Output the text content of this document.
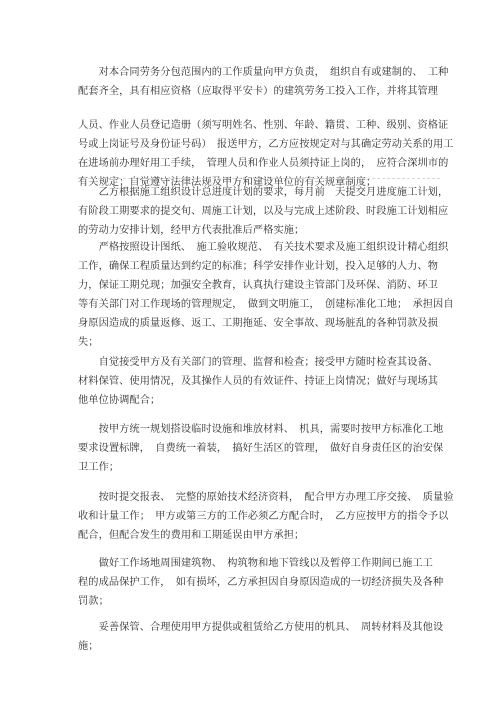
　　对本合同劳务分包范围内的工作质量向甲方负责，　组织自有或建制的、　工种
配套齐全，具有相应资格（应取得平安卡）的建筑劳务工投入工作，并将其管理
人员、作业人员登记造册（须写明姓名、性别、年龄、籍贯、工种、级别、资格证
号或上岗证号及身份证号码）　报送甲方，乙方应按规定对与其确定劳动关系的用工
在进场前办理好用工手续，　管理人员和作业人员须持证上岗的，　应符合深圳市的
有关规定；自觉遵守法律法规及甲方和建设单位的有关规章制度；
　　乙方根据施工组织设计总进度计划的要求，每月前　天提交月进度施工计划，
有阶段工期要求的提交旬、周施工计划，以及与完成上述阶段、时段施工计划相应
的劳动力安排计划，经甲方代表批准后严格实施；
　　严格按照设计图纸、　施工验收规范、　有关技术要求及施工组织设计精心组织
工作，确保工程质量达到约定的标准；科学安排作业计划，投入足够的人力、物
力，保证工期兑现；加强安全教育，认真执行建设主管部门及环保、消防、环卫
等有关部门对工作现场的管理规定，　做到文明施工，　创建标准化工地；　承担因自
身原因造成的质量返修、返工、工期拖延、安全事故、现场脏乱的各种罚款及损
失；
　　自觉接受甲方及有关部门的管理、监督和检查；接受甲方随时检查其设备、
材料保管、使用情况，及其操作人员的有效证件、持证上岗情况；做好与现场其
他单位协调配合；
　　按甲方统一规划搭设临时设施和堆放材料、　机具，需要时按甲方标准化工地
要求设置标牌，　自费统一着装，　搞好生活区的管理，　做好自身责任区的治安保
卫工作；
　　按时提交报表、　完整的原始技术经济资料，　配合甲方办理工序交接、　质量验
收和计量工作；　甲方或第三方的工作必须乙方配合时，　乙方应按甲方的指令予以
配合，但配合发生的费用和工期延误由甲方承担；
　　做好工作场地周围建筑物、　构筑物和地下管线以及暂停工作期间已施工工
程的成品保护工作，　如有损坏，乙方承担因自身原因造成的一切经济损失及各种
罚款；
　　妥善保管、合理使用甲方提供或租赁给乙方使用的机具、　周转材料及其他设
施；
